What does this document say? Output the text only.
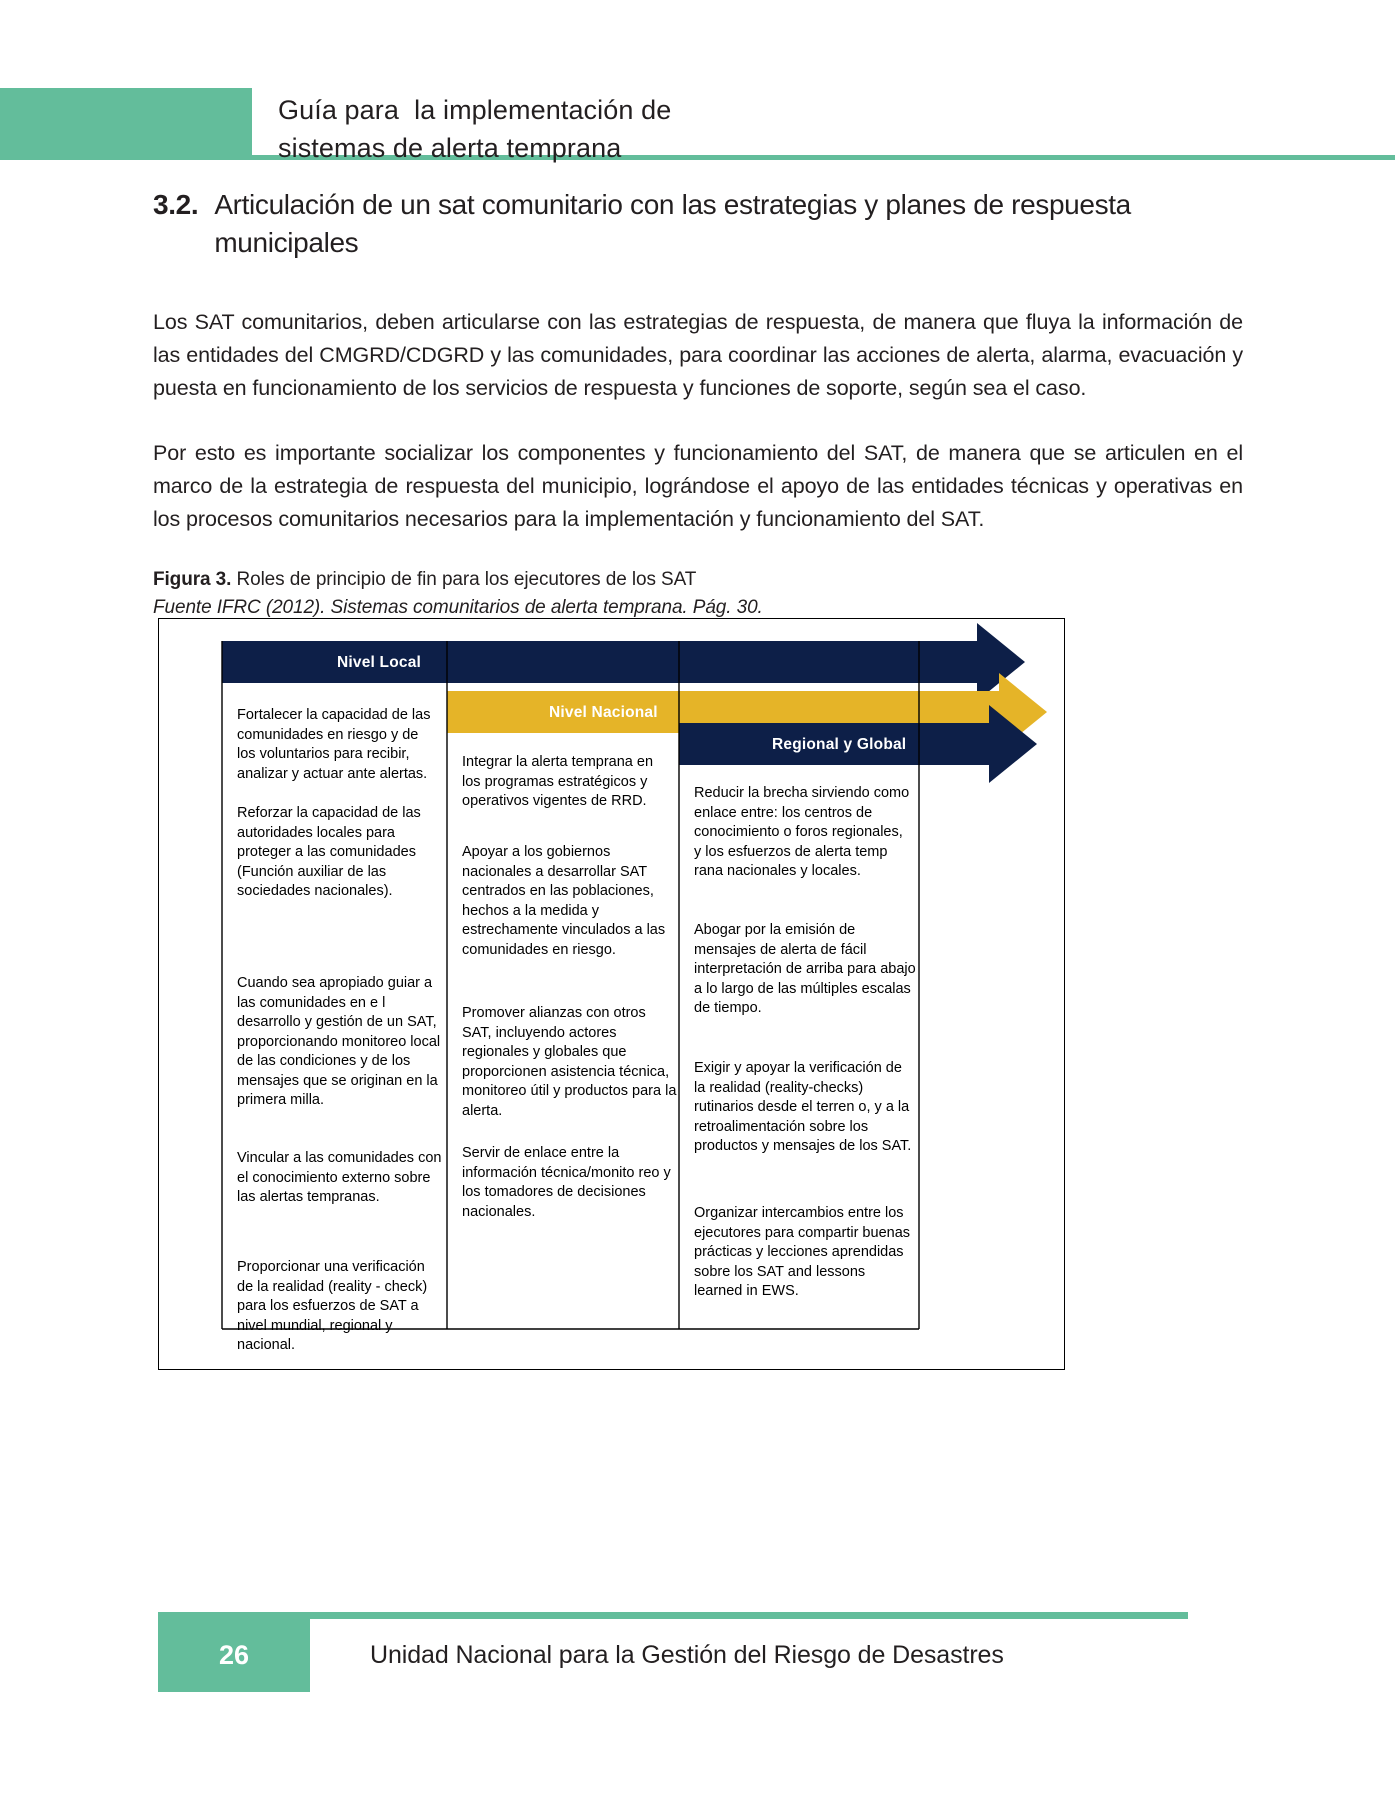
Guía para  la implementación de
sistemas de alerta temprana
3.2. Articulación de un sat comunitario con las estrategias y planes de respuesta municipales

Los SAT comunitarios, deben articularse con las estrategias de respuesta, de manera que fluya la información de las entidades del CMGRD/CDGRD y las comunidades, para coordinar las acciones de alerta, alarma, evacuación y puesta en funcionamiento de los servicios de respuesta y funciones de soporte, según sea el caso.

Por esto es importante socializar los componentes y funcionamiento del SAT, de manera que se articulen en el marco de la estrategia de respuesta del municipio, lográndose el apoyo de las entidades técnicas y operativas en los procesos comunitarios necesarios para la implementación y funcionamiento del SAT.

Figura 3. Roles de principio de fin para los ejecutores de los SAT
Fuente IFRC (2012). Sistemas comunitarios de alerta temprana. Pág. 30.
Nivel Local
Nivel Nacional
Regional y Global
Fortalecer la capacidad de las comunidades en riesgo y de los voluntarios para recibir, analizar y actuar ante alertas.
Reforzar la capacidad de las autoridades locales para proteger a las comunidades (Función auxiliar de las sociedades nacionales).
Cuando sea apropiado guiar a las comunidades en e l desarrollo y gestión de un SAT, proporcionando monitoreo local de las condiciones y de los mensajes que se originan en la primera milla.
Vincular a las comunidades con el conocimiento externo sobre las alertas tempranas.
Proporcionar una verificación de la realidad (reality - check) para los esfuerzos de SAT a nivel mundial, regional y nacional.
Integrar la alerta temprana en los programas estratégicos y operativos vigentes de RRD.
Apoyar a los gobiernos nacionales a desarrollar SAT centrados en las poblaciones, hechos a la medida y estrechamente vinculados a las comunidades en riesgo.
Promover alianzas con otros SAT, incluyendo actores regionales y globales que proporcionen asistencia técnica, monitoreo útil y productos para la alerta.
Servir de enlace entre la información técnica/monito reo y los tomadores de decisiones nacionales.
Reducir la brecha sirviendo como enlace entre: los centros de conocimiento o foros regionales, y los esfuerzos de alerta temp rana nacionales y locales.
Abogar por la emisión de mensajes de alerta de fácil interpretación de arriba para abajo a lo largo de las múltiples escalas de tiempo.
Exigir y apoyar la verificación de la realidad (reality-checks) rutinarios desde el terren o, y a la retroalimentación sobre los productos y mensajes de los SAT.
Organizar intercambios entre los ejecutores para compartir buenas prácticas y lecciones aprendidas sobre los SAT and lessons learned in EWS.
26	Unidad Nacional para la Gestión del Riesgo de Desastres
